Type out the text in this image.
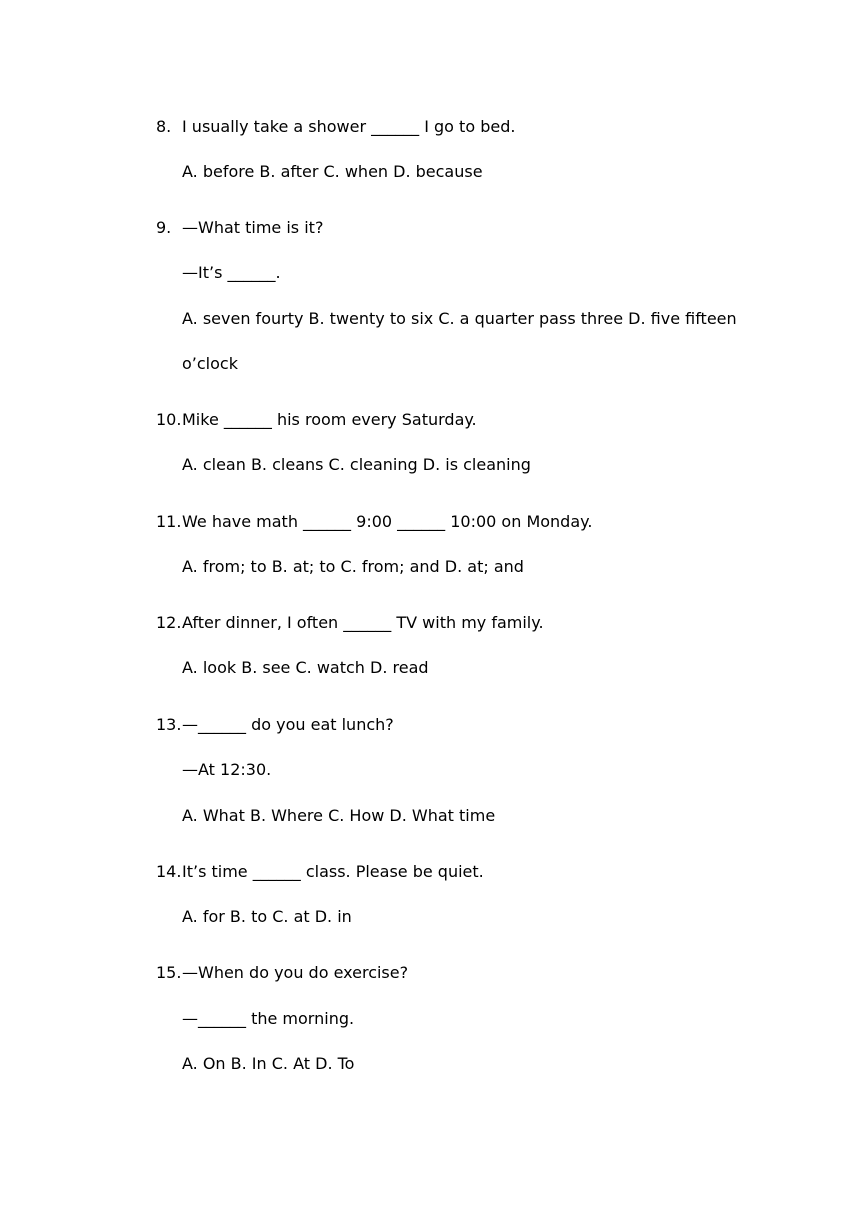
8. I usually take a shower ______ I go to bed.
A. before B. after C. when D. because
9. —What time is it?
—It’s ______.
A. seven fourty B. twenty to six C. a quarter pass three D. five fifteen
o’clock
10.Mike ______ his room every Saturday.
A. clean B. cleans C. cleaning D. is cleaning
11.We have math ______ 9:00 ______ 10:00 on Monday.
A. from; to B. at; to C. from; and D. at; and
12.After dinner, I often ______ TV with my family.
A. look B. see C. watch D. read
13.—______ do you eat lunch?
—At 12:30.
A. What B. Where C. How D. What time
14.It’s time ______ class. Please be quiet.
A. for B. to C. at D. in
15.—When do you do exercise?
—______ the morning.
A. On B. In C. At D. To
